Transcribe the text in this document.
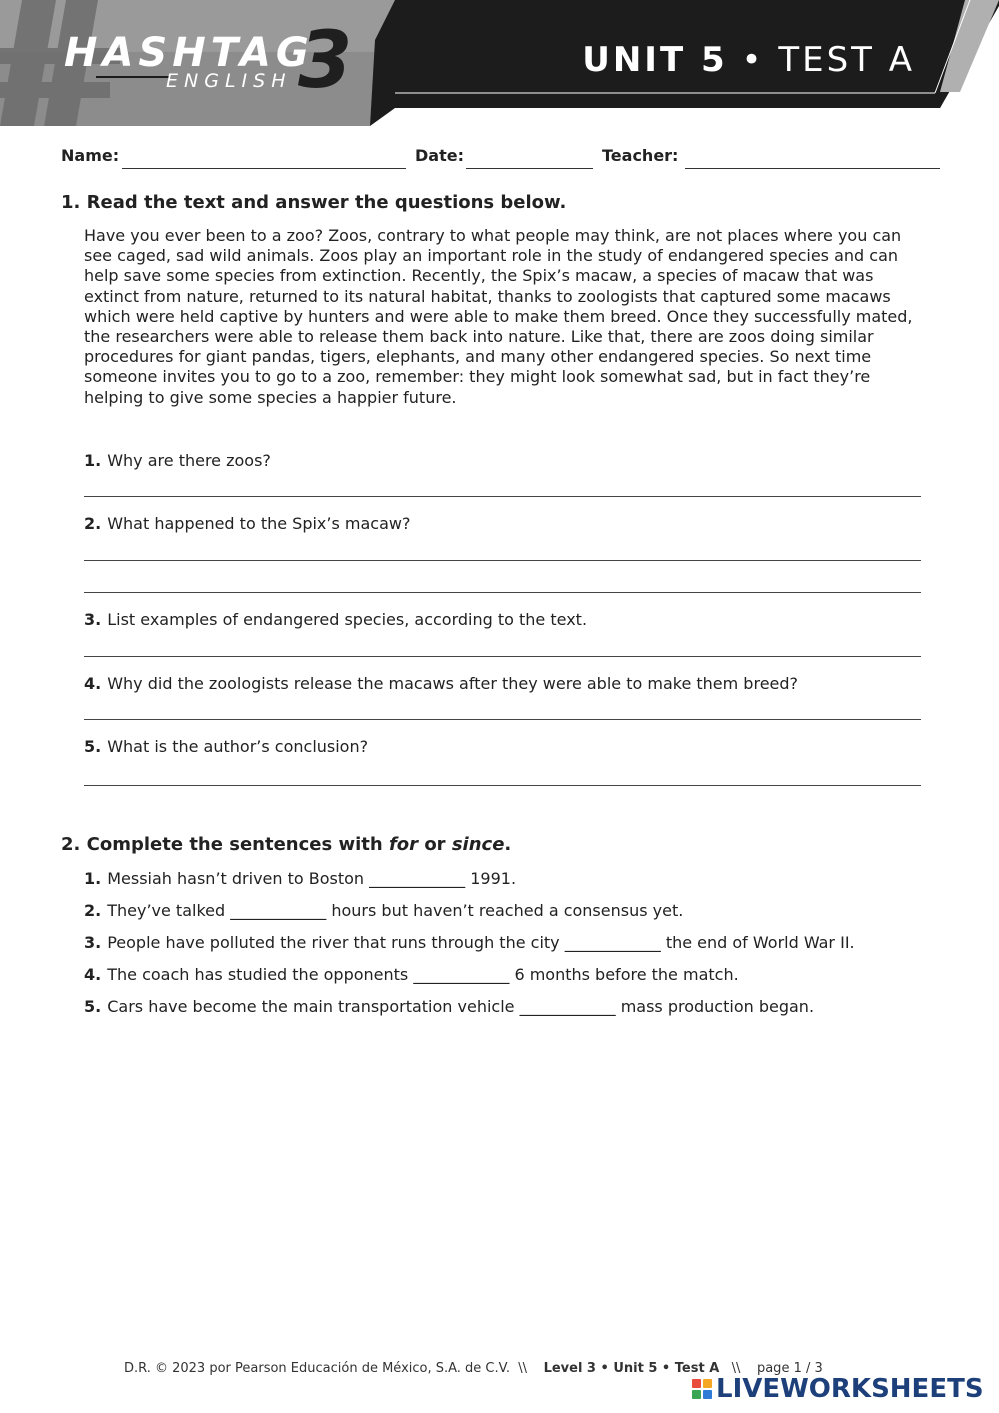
HASHTAG
ENGLISH 3	UNIT 5 • TEST A
Name:	Date:	Teacher:
1. Read the text and answer the questions below.
Have you ever been to a zoo? Zoos, contrary to what people may think, are not places where you can see caged, sad wild animals. Zoos play an important role in the study of endangered species and can help save some species from extinction. Recently, the Spix’s macaw, a species of macaw that was extinct from nature, returned to its natural habitat, thanks to zoologists that captured some macaws which were held captive by hunters and were able to make them breed. Once they successfully mated, the researchers were able to release them back into nature. Like that, there are zoos doing similar procedures for giant pandas, tigers, elephants, and many other endangered species. So next time someone invites you to go to a zoo, remember: they might look somewhat sad, but in fact they’re helping to give some species a happier future.
1. Why are there zoos?
2. What happened to the Spix’s macaw?
3. List examples of endangered species, according to the text.
4. Why did the zoologists release the macaws after they were able to make them breed?
5. What is the author’s conclusion?
2. Complete the sentences with for or since.
1. Messiah hasn’t driven to Boston ____________ 1991.
2. They’ve talked ____________ hours but haven’t reached a consensus yet.
3. People have polluted the river that runs through the city ____________ the end of World War II.
4. The coach has studied the opponents ____________ 6 months before the match.
5. Cars have become the main transportation vehicle ____________ mass production began.
D.R. © 2023 por Pearson Educación de México, S.A. de C.V. \\ Level 3 • Unit 5 • Test A \\ page 1 / 3
LIVEWORKSHEETS
